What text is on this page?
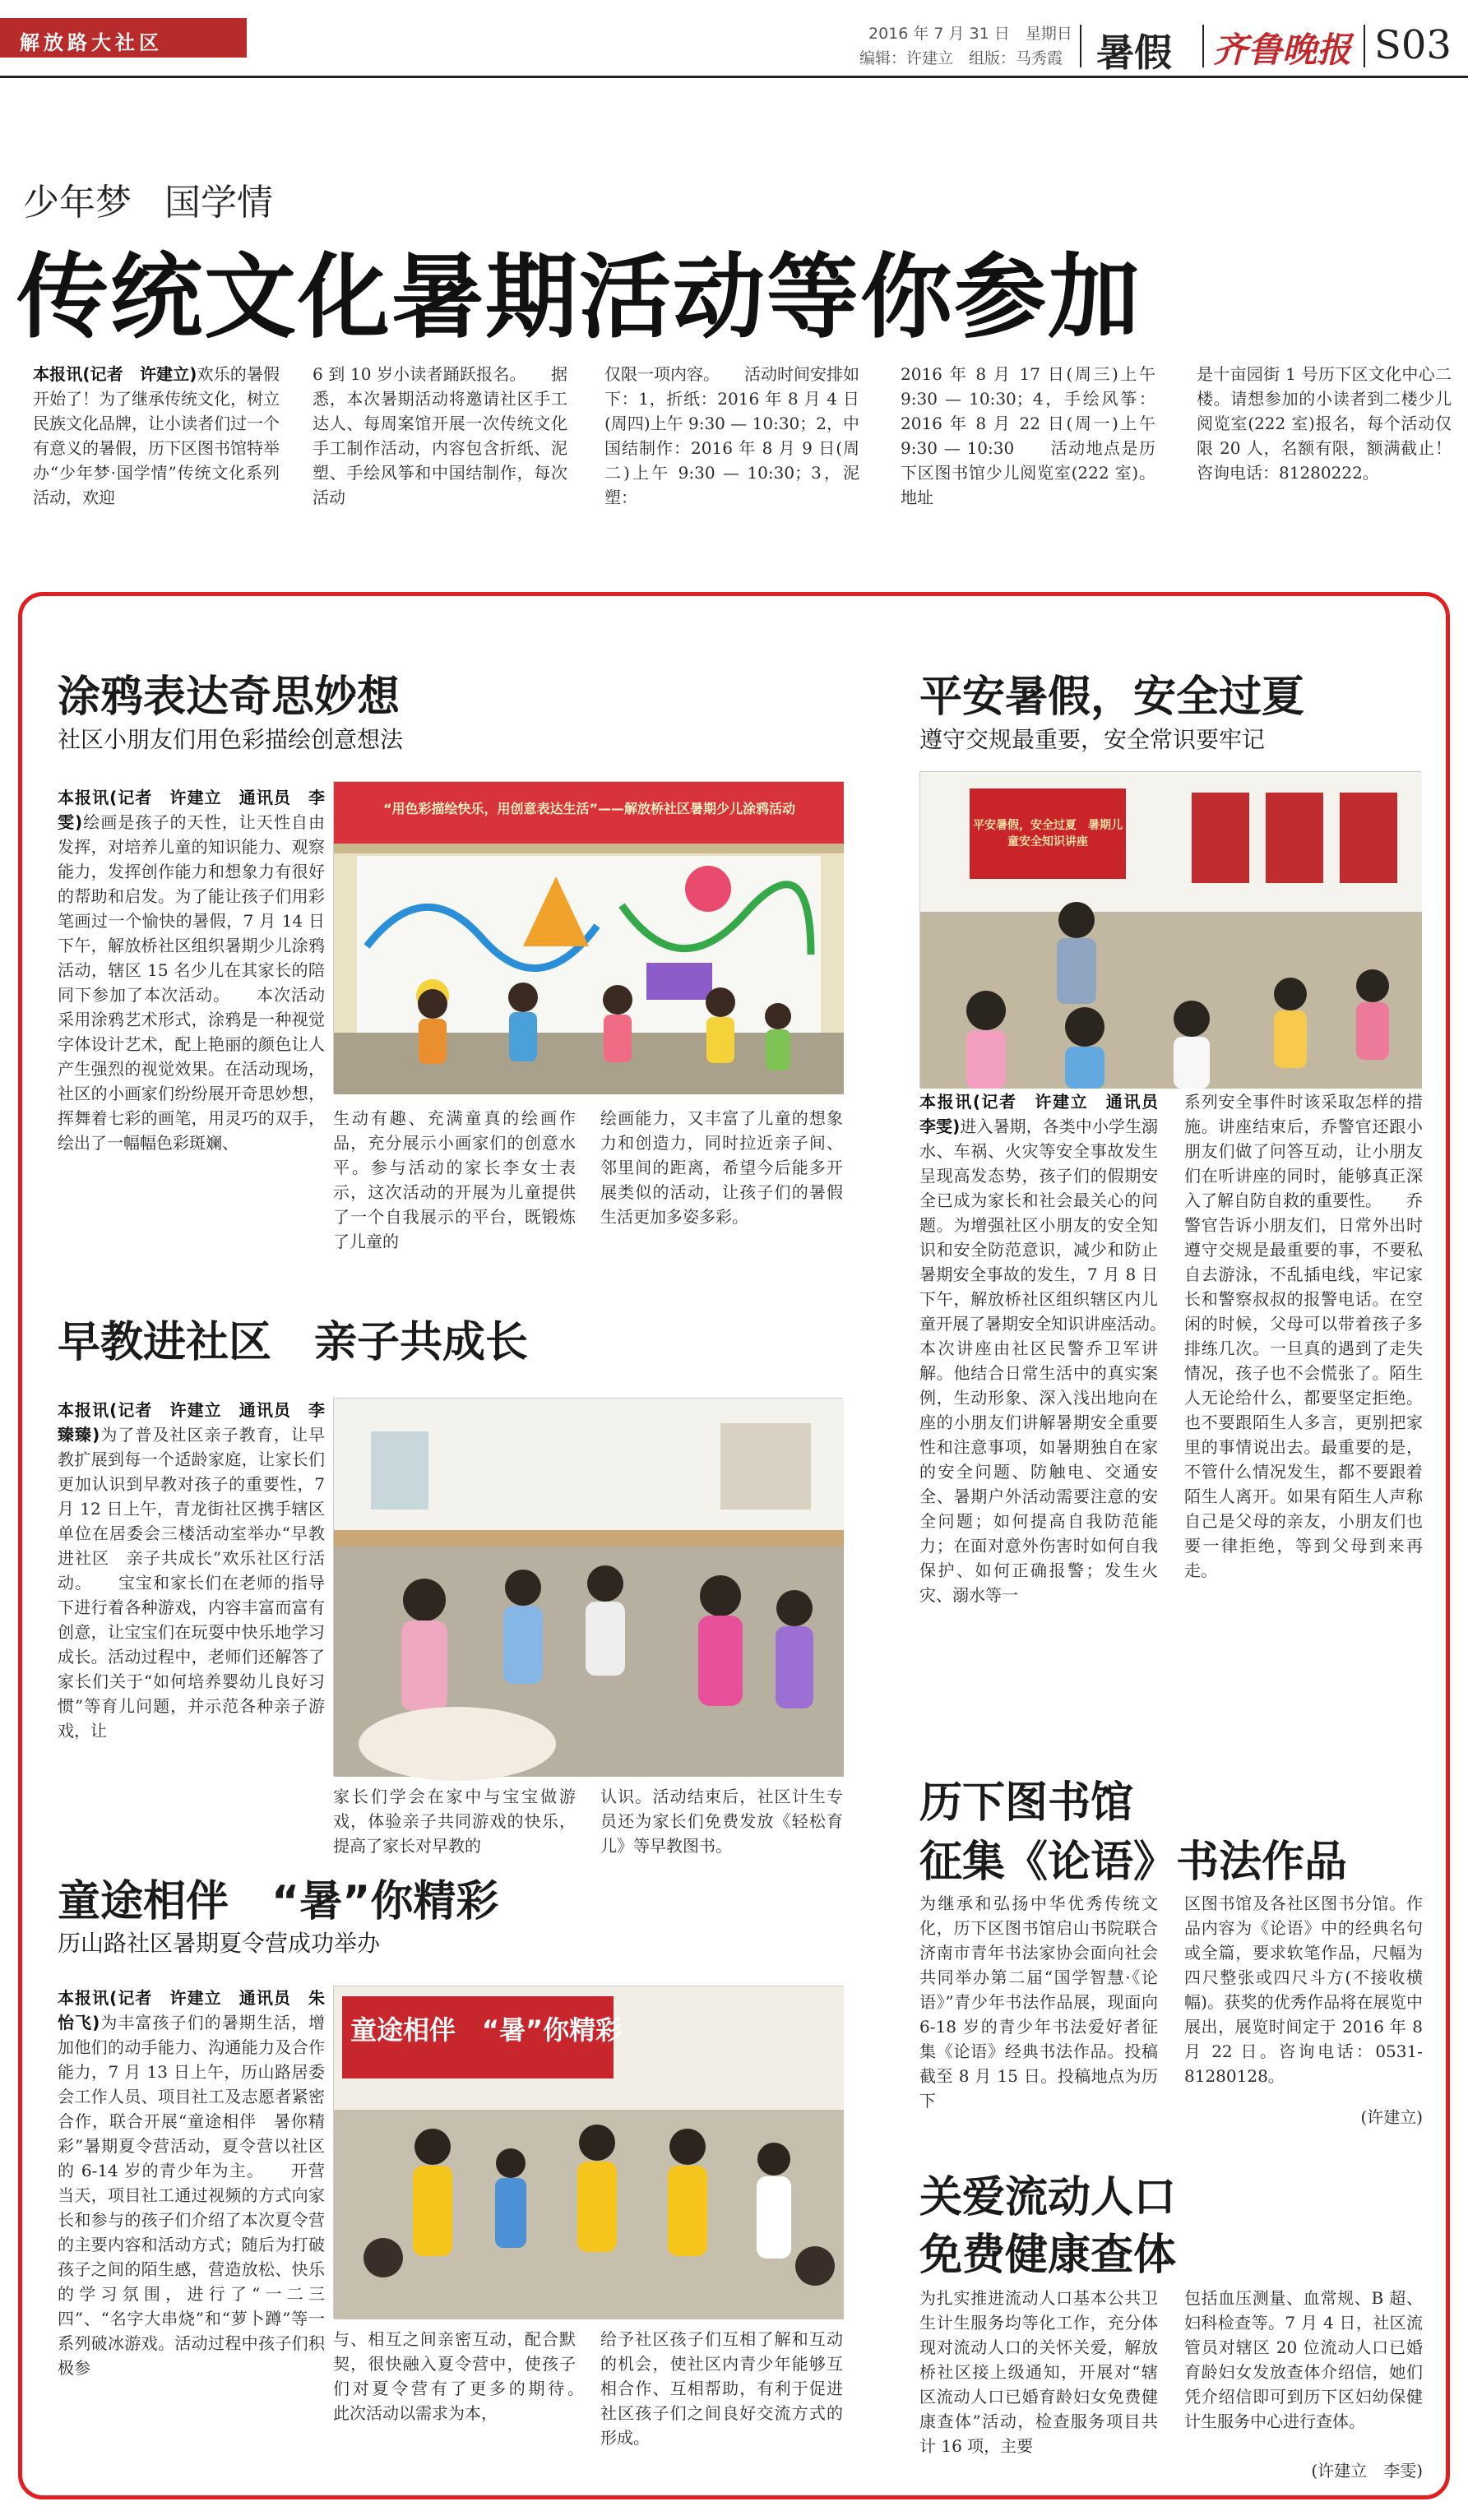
解放路大社区	2016 年 7 月 31 日　星期日
编辑：许建立　组版：马秀霞 暑假 齐鲁晚报 S03
少年梦 国学情
传统文化暑期活动等你参加
本报讯(记者　许建立)欢乐的暑假开始了！为了继承传统文化，树立民族文化品牌，让小读者们过一个有意义的暑假，历下区图书馆特举办“少年梦·国学情”传统文化系列活动，欢迎
6 到 10 岁小读者踊跃报名。　　据悉，本次暑期活动将邀请社区手工达人、每周案馆开展一次传统文化手工制作活动，内容包含折纸、泥塑、手绘风筝和中国结制作，每次活动
仅限一项内容。　　活动时间安排如下：1，折纸：2016 年 8 月 4 日(周四)上午 9:30 — 10:30；2，中国结制作：2016 年 8 月 9 日(周二)上午 9:30 — 10:30；3，泥塑：
2016 年 8 月 17 日(周三)上午 9:30 — 10:30；4，手绘风筝：2016 年 8 月 22 日(周一)上午 9:30 — 10:30　　活动地点是历下区图书馆少儿阅览室(222 室)。地址
是十亩园街 1 号历下区文化中心二楼。请想参加的小读者到二楼少儿阅览室(222 室)报名，每个活动仅限 20 人，名额有限，额满截止！咨询电话：81280222。
涂鸦表达奇思妙想
社区小朋友们用色彩描绘创意想法
“用色彩描绘快乐，用创意表达生活”——解放桥社区暑期少儿涂鸦活动
本报讯(记者　许建立　通讯员　李雯)绘画是孩子的天性，让天性自由发挥，对培养儿童的知识能力、观察能力，发挥创作能力和想象力有很好的帮助和启发。为了能让孩子们用彩笔画过一个愉快的暑假，7 月 14 日下午，解放桥社区组织暑期少儿涂鸦活动，辖区 15 名少儿在其家长的陪同下参加了本次活动。　　本次活动采用涂鸦艺术形式，涂鸦是一种视觉字体设计艺术，配上艳丽的颜色让人产生强烈的视觉效果。在活动现场，社区的小画家们纷纷展开奇思妙想，挥舞着七彩的画笔，用灵巧的双手，绘出了一幅幅色彩斑斓、
生动有趣、充满童真的绘画作品，充分展示小画家们的创意水平。参与活动的家长李女士表示，这次活动的开展为儿童提供了一个自我展示的平台，既锻炼了儿童的
绘画能力，又丰富了儿童的想象力和创造力，同时拉近亲子间、邻里间的距离，希望今后能多开展类似的活动，让孩子们的暑假生活更加多姿多彩。
早教进社区　亲子共成长
本报讯(记者　许建立　通讯员　李臻臻)为了普及社区亲子教育，让早教扩展到每一个适龄家庭，让家长们更加认识到早教对孩子的重要性，7 月 12 日上午，青龙街社区携手辖区单位在居委会三楼活动室举办“早教进社区　亲子共成长”欢乐社区行活动。　　宝宝和家长们在老师的指导下进行着各种游戏，内容丰富而富有创意，让宝宝们在玩耍中快乐地学习成长。活动过程中，老师们还解答了家长们关于“如何培养婴幼儿良好习惯”等育儿问题，并示范各种亲子游戏，让
家长们学会在家中与宝宝做游戏，体验亲子共同游戏的快乐，提高了家长对早教的
认识。活动结束后，社区计生专员还为家长们免费发放《轻松育儿》等早教图书。
童途相伴　“暑”你精彩
历山路社区暑期夏令营成功举办
童途相伴　“暑”你精彩
本报讯(记者　许建立　通讯员　朱怡飞)为丰富孩子们的暑期生活，增加他们的动手能力、沟通能力及合作能力，7 月 13 日上午，历山路居委会工作人员、项目社工及志愿者紧密合作，联合开展“童途相伴　暑你精彩”暑期夏令营活动，夏令营以社区的 6-14 岁的青少年为主。　　开营当天，项目社工通过视频的方式向家长和参与的孩子们介绍了本次夏令营的主要内容和活动方式；随后为打破孩子之间的陌生感，营造放松、快乐的学习氛围，进行了“一二三四”、“名字大串烧”和“萝卜蹲”等一系列破冰游戏。活动过程中孩子们积极参
与、相互之间亲密互动，配合默契，很快融入夏令营中，使孩子们对夏令营有了更多的期待。　　此次活动以需求为本，
给予社区孩子们互相了解和互动的机会，使社区内青少年能够互相合作、互相帮助，有利于促进社区孩子们之间良好交流方式的形成。
平安暑假，安全过夏
遵守交规最重要，安全常识要牢记
平安暑假，安全过夏　暑期儿童安全知识讲座
本报讯(记者　许建立　通讯员　李雯)进入暑期，各类中小学生溺水、车祸、火灾等安全事故发生呈现高发态势，孩子们的假期安全已成为家长和社会最关心的问题。为增强社区小朋友的安全知识和安全防范意识，减少和防止暑期安全事故的发生，7 月 8 日下午，解放桥社区组织辖区内儿童开展了暑期安全知识讲座活动。　　本次讲座由社区民警乔卫军讲解。他结合日常生活中的真实案例，生动形象、深入浅出地向在座的小朋友们讲解暑期安全重要性和注意事项，如暑期独自在家的安全问题、防触电、交通安全、暑期户外活动需要注意的安全问题；如何提高自我防范能力；在面对意外伤害时如何自我保护、如何正确报警；发生火灾、溺水等一
系列安全事件时该采取怎样的措施。讲座结束后，乔警官还跟小朋友们做了问答互动，让小朋友们在听讲座的同时，能够真正深入了解自防自救的重要性。　　乔警官告诉小朋友们，日常外出时遵守交规是最重要的事，不要私自去游泳，不乱插电线，牢记家长和警察叔叔的报警电话。在空闲的时候，父母可以带着孩子多排练几次。一旦真的遇到了走失情况，孩子也不会慌张了。陌生人无论给什么，都要坚定拒绝。也不要跟陌生人多言，更别把家里的事情说出去。最重要的是，不管什么情况发生，都不要跟着陌生人离开。如果有陌生人声称自己是父母的亲友，小朋友们也要一律拒绝，等到父母到来再走。
历下图书馆
征集《论语》书法作品
为继承和弘扬中华优秀传统文化，历下区图书馆启山书院联合济南市青年书法家协会面向社会共同举办第二届“国学智慧·《论语》”青少年书法作品展，现面向 6-18 岁的青少年书法爱好者征集《论语》经典书法作品。投稿截至 8 月 15 日。投稿地点为历下
区图书馆及各社区图书分馆。作品内容为《论语》中的经典名句或全篇，要求软笔作品，尺幅为四尺整张或四尺斗方(不接收横幅)。获奖的优秀作品将在展览中展出，展览时间定于 2016 年 8 月 22 日。咨询电话：0531-81280128。
(许建立)
关爱流动人口
免费健康查体
为扎实推进流动人口基本公共卫生计生服务均等化工作，充分体现对流动人口的关怀关爱，解放桥社区接上级通知，开展对“辖区流动人口已婚育龄妇女免费健康查体”活动，检查服务项目共计 16 项，主要
包括血压测量、血常规、B 超、妇科检查等。7 月 4 日，社区流管员对辖区 20 位流动人口已婚育龄妇女发放查体介绍信，她们凭介绍信即可到历下区妇幼保健计生服务中心进行查体。
(许建立　李雯)
